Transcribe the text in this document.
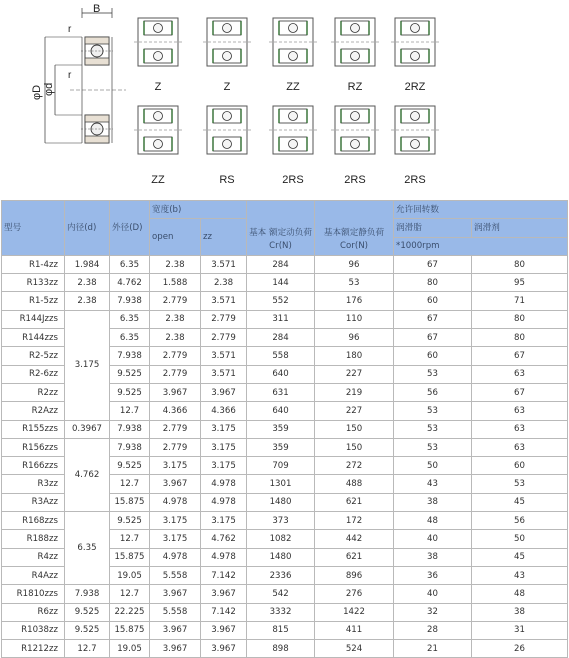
B
r
r
φD φd	Z	Z	ZZ	RZ	2RZ
ZZ	RS	2RS	2RS	2RS
型号	内径(d)	外径(D)	宽度(b)		基本 额定动负荷 Cr(N)	基本额定静负荷Cor(N)	允许回转数	
			open	zz			润滑脂	润滑剂
							*1000rpm	
R1-4zz	1.984	6.35	2.38	3.571	284	96	67	80
R133zz	2.38	4.762	1.588	2.38	144	53	80	95
R1-5zz	2.38	7.938	2.779	3.571	552	176	60	71
R144Jzzs	3.175	6.35	2.38	2.779	311	110	67	80
R144zzs		6.35	2.38	2.779	284	96	67	80
R2-5zz		7.938	2.779	3.571	558	180	60	67
R2-6zz		9.525	2.779	3.571	640	227	53	63
R2zz		9.525	3.967	3.967	631	219	56	67
R2Azz		12.7	4.366	4.366	640	227	53	63
R155zzs	0.3967	7.938	2.779	3.175	359	150	53	63
R156zzs	4.762	7.938	2.779	3.175	359	150	53	63
R166zzs		9.525	3.175	3.175	709	272	50	60
R3zz		12.7	3.967	4.978	1301	488	43	53
R3Azz		15.875	4.978	4.978	1480	621	38	45
R168zzs	6.35	9.525	3.175	3.175	373	172	48	56
R188zz		12.7	3.175	4.762	1082	442	40	50
R4zz		15.875	4.978	4.978	1480	621	38	45
R4Azz		19.05	5.558	7.142	2336	896	36	43
R1810zzs	7.938	12.7	3.967	3.967	542	276	40	48
R6zz	9.525	22.225	5.558	7.142	3332	1422	32	38
R1038zz	9.525	15.875	3.967	3.967	815	411	28	31
R1212zz	12.7	19.05	3.967	3.967	898	524	21	26
